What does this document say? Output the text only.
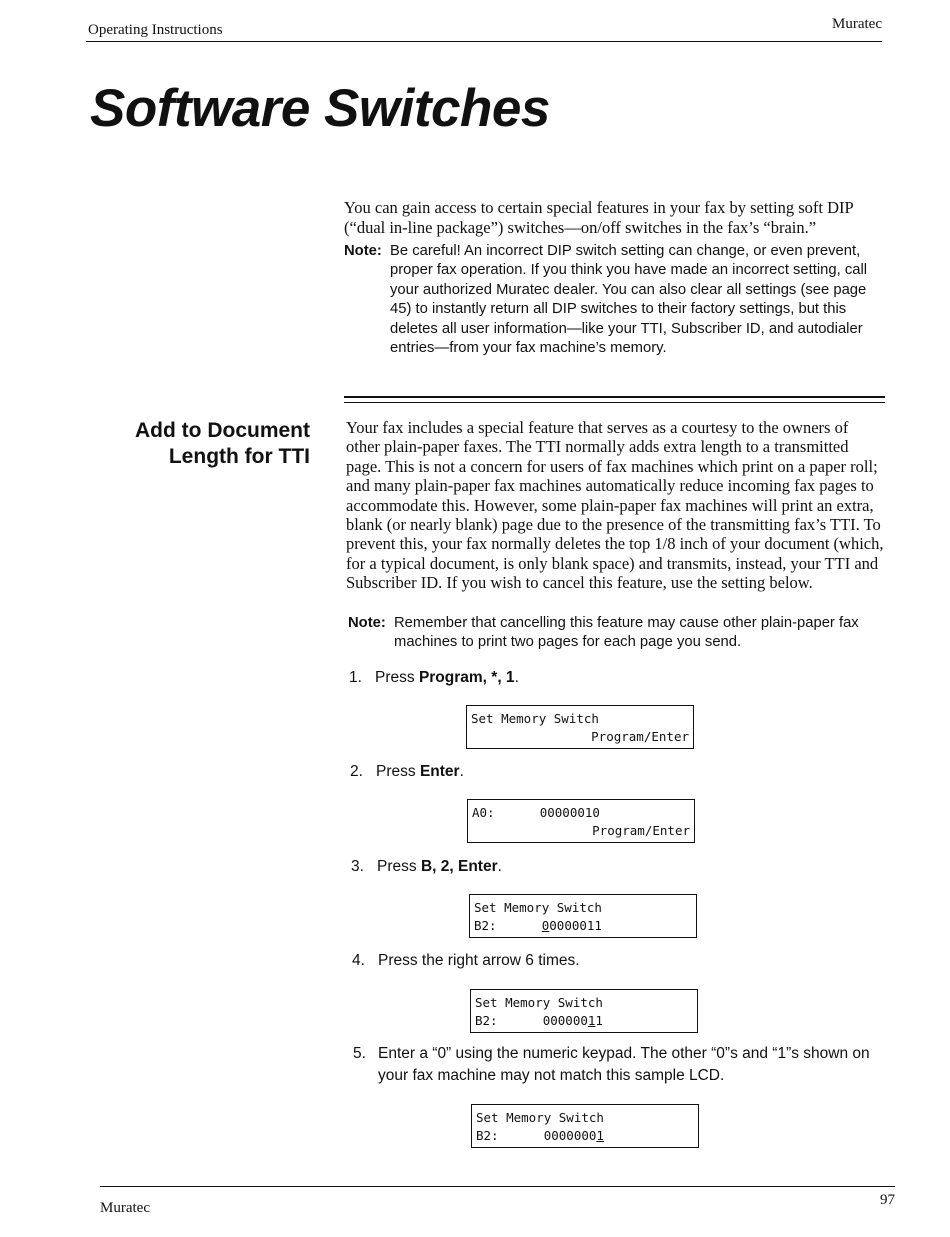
Operating Instructions	Muratec
Software Switches
You can gain access to certain special features in your fax by setting soft DIP (“dual in-line package”) switches—on/off switches in the fax’s “brain.”
Note: Be careful! An incorrect DIP switch setting can change, or even prevent, proper fax operation. If you think you have made an incorrect setting, call your authorized Muratec dealer. You can also clear all settings (see page 45) to instantly return all DIP switches to their factory settings, but this deletes all user information—like your TTI, Subscriber ID, and autodialer entries—from your fax machine’s memory.
Add to Document
Length for TTI
Your fax includes a special feature that serves as a courtesy to the owners of other plain-paper faxes. The TTI normally adds extra length to a transmitted page. This is not a concern for users of fax machines which print on a paper roll; and many plain-paper fax machines automatically reduce incoming fax pages to accommodate this. However, some plain-paper fax machines will print an extra, blank (or nearly blank) page due to the presence of the transmitting fax’s TTI. To prevent this, your fax normally deletes the top 1/8 inch of your document (which, for a typical document, is only blank space) and transmits, instead, your TTI and Subscriber ID. If you wish to cancel this feature, use the setting below.
Note: Remember that cancelling this feature may cause other plain-paper fax machines to print two pages for each page you send.
1. Press Program, *, 1.
Set Memory Switch
Program/Enter
2. Press Enter.
A0:      00000010
Program/Enter
3. Press B, 2, Enter.
Set Memory Switch
B2:      00000011
4. Press the right arrow 6 times.
Set Memory Switch
B2:      00000011
5. Enter a “0” using the numeric keypad. The other “0”s and “1”s shown on your fax machine may not match this sample LCD.
Set Memory Switch
B2:      00000001
Muratec	97
